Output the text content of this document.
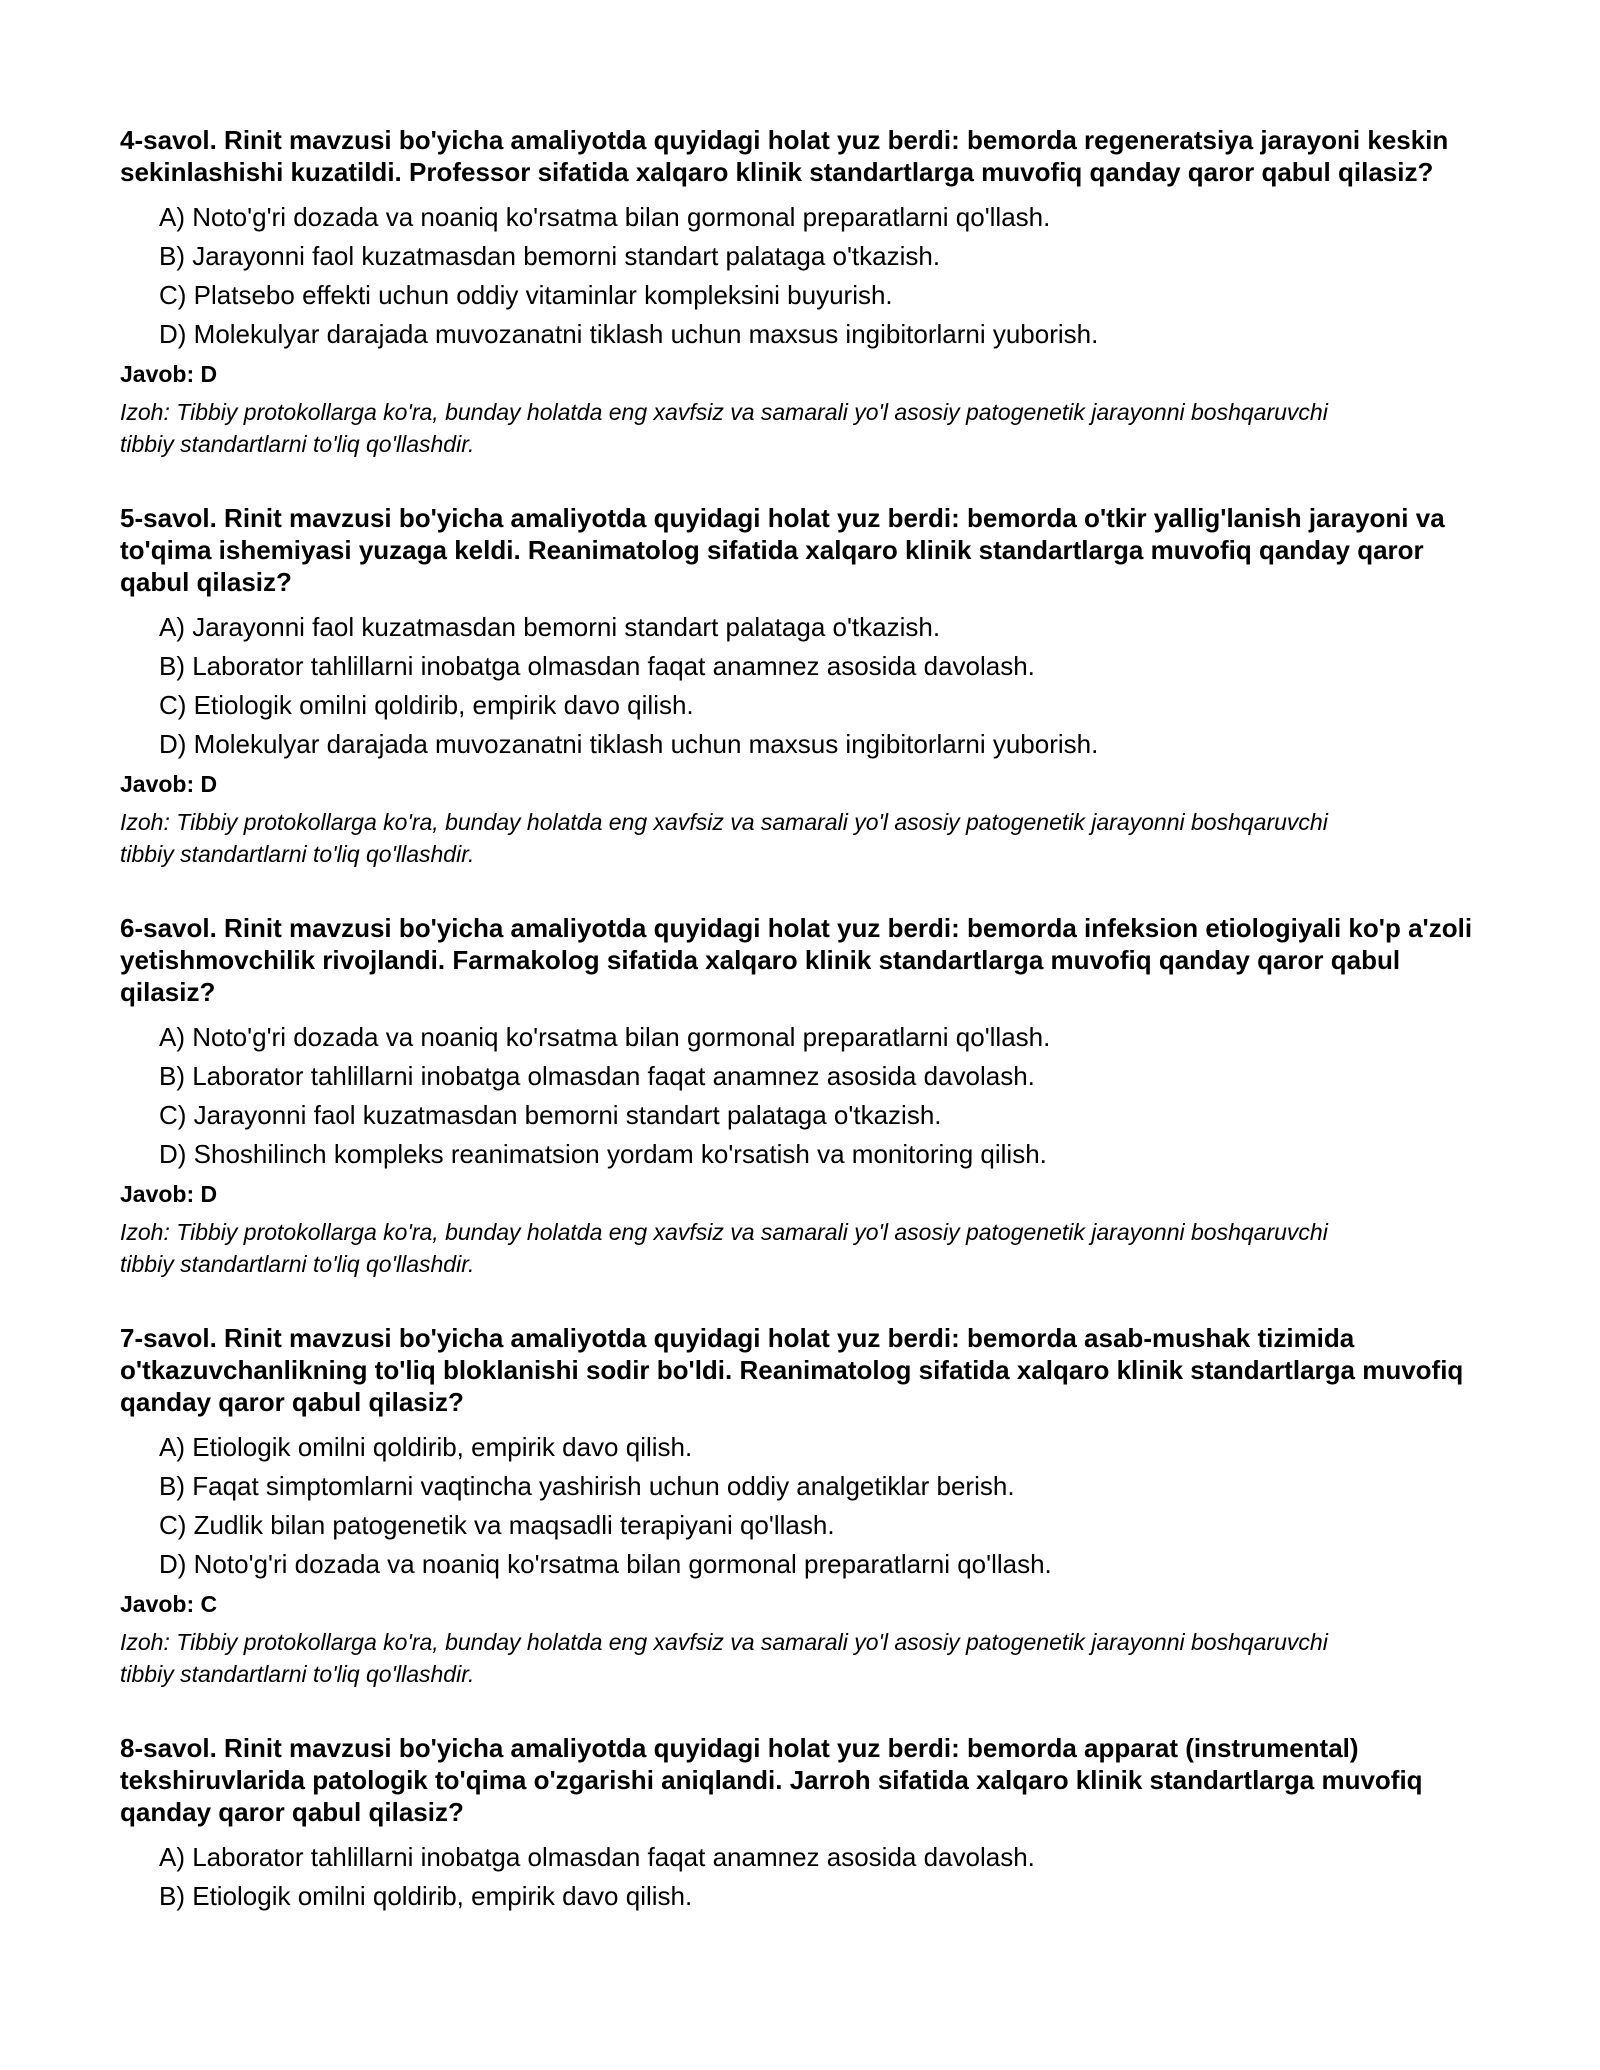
4-savol. Rinit mavzusi bo'yicha amaliyotda quyidagi holat yuz berdi: bemorda regeneratsiya jarayoni keskin sekinlashishi kuzatildi. Professor sifatida xalqaro klinik standartlarga muvofiq qanday qaror qabul qilasiz?

A) Noto'g'ri dozada va noaniq ko'rsatma bilan gormonal preparatlarni qo'llash.
B) Jarayonni faol kuzatmasdan bemorni standart palataga o'tkazish.
C) Platsebo effekti uchun oddiy vitaminlar kompleksini buyurish.
D) Molekulyar darajada muvozanatni tiklash uchun maxsus ingibitorlarni yuborish.

Javob: D

Izoh: Tibbiy protokollarga ko'ra, bunday holatda eng xavfsiz va samarali yo'l asosiy patogenetik jarayonni boshqaruvchi tibbiy standartlarni to'liq qo'llashdir.

5-savol. Rinit mavzusi bo'yicha amaliyotda quyidagi holat yuz berdi: bemorda o'tkir yallig'lanish jarayoni va to'qima ishemiyasi yuzaga keldi. Reanimatolog sifatida xalqaro klinik standartlarga muvofiq qanday qaror qabul qilasiz?

A) Jarayonni faol kuzatmasdan bemorni standart palataga o'tkazish.
B) Laborator tahlillarni inobatga olmasdan faqat anamnez asosida davolash.
C) Etiologik omilni qoldirib, empirik davo qilish.
D) Molekulyar darajada muvozanatni tiklash uchun maxsus ingibitorlarni yuborish.

Javob: D

Izoh: Tibbiy protokollarga ko'ra, bunday holatda eng xavfsiz va samarali yo'l asosiy patogenetik jarayonni boshqaruvchi tibbiy standartlarni to'liq qo'llashdir.

6-savol. Rinit mavzusi bo'yicha amaliyotda quyidagi holat yuz berdi: bemorda infeksion etiologiyali ko'p a'zoli yetishmovchilik rivojlandi. Farmakolog sifatida xalqaro klinik standartlarga muvofiq qanday qaror qabul qilasiz?

A) Noto'g'ri dozada va noaniq ko'rsatma bilan gormonal preparatlarni qo'llash.
B) Laborator tahlillarni inobatga olmasdan faqat anamnez asosida davolash.
C) Jarayonni faol kuzatmasdan bemorni standart palataga o'tkazish.
D) Shoshilinch kompleks reanimatsion yordam ko'rsatish va monitoring qilish.

Javob: D

Izoh: Tibbiy protokollarga ko'ra, bunday holatda eng xavfsiz va samarali yo'l asosiy patogenetik jarayonni boshqaruvchi tibbiy standartlarni to'liq qo'llashdir.

7-savol. Rinit mavzusi bo'yicha amaliyotda quyidagi holat yuz berdi: bemorda asab-mushak tizimida o'tkazuvchanlikning to'liq bloklanishi sodir bo'ldi. Reanimatolog sifatida xalqaro klinik standartlarga muvofiq qanday qaror qabul qilasiz?

A) Etiologik omilni qoldirib, empirik davo qilish.
B) Faqat simptomlarni vaqtincha yashirish uchun oddiy analgetiklar berish.
C) Zudlik bilan patogenetik va maqsadli terapiyani qo'llash.
D) Noto'g'ri dozada va noaniq ko'rsatma bilan gormonal preparatlarni qo'llash.

Javob: C

Izoh: Tibbiy protokollarga ko'ra, bunday holatda eng xavfsiz va samarali yo'l asosiy patogenetik jarayonni boshqaruvchi tibbiy standartlarni to'liq qo'llashdir.

8-savol. Rinit mavzusi bo'yicha amaliyotda quyidagi holat yuz berdi: bemorda apparat (instrumental) tekshiruvlarida patologik to'qima o'zgarishi aniqlandi. Jarroh sifatida xalqaro klinik standartlarga muvofiq qanday qaror qabul qilasiz?

A) Laborator tahlillarni inobatga olmasdan faqat anamnez asosida davolash.
B) Etiologik omilni qoldirib, empirik davo qilish.
